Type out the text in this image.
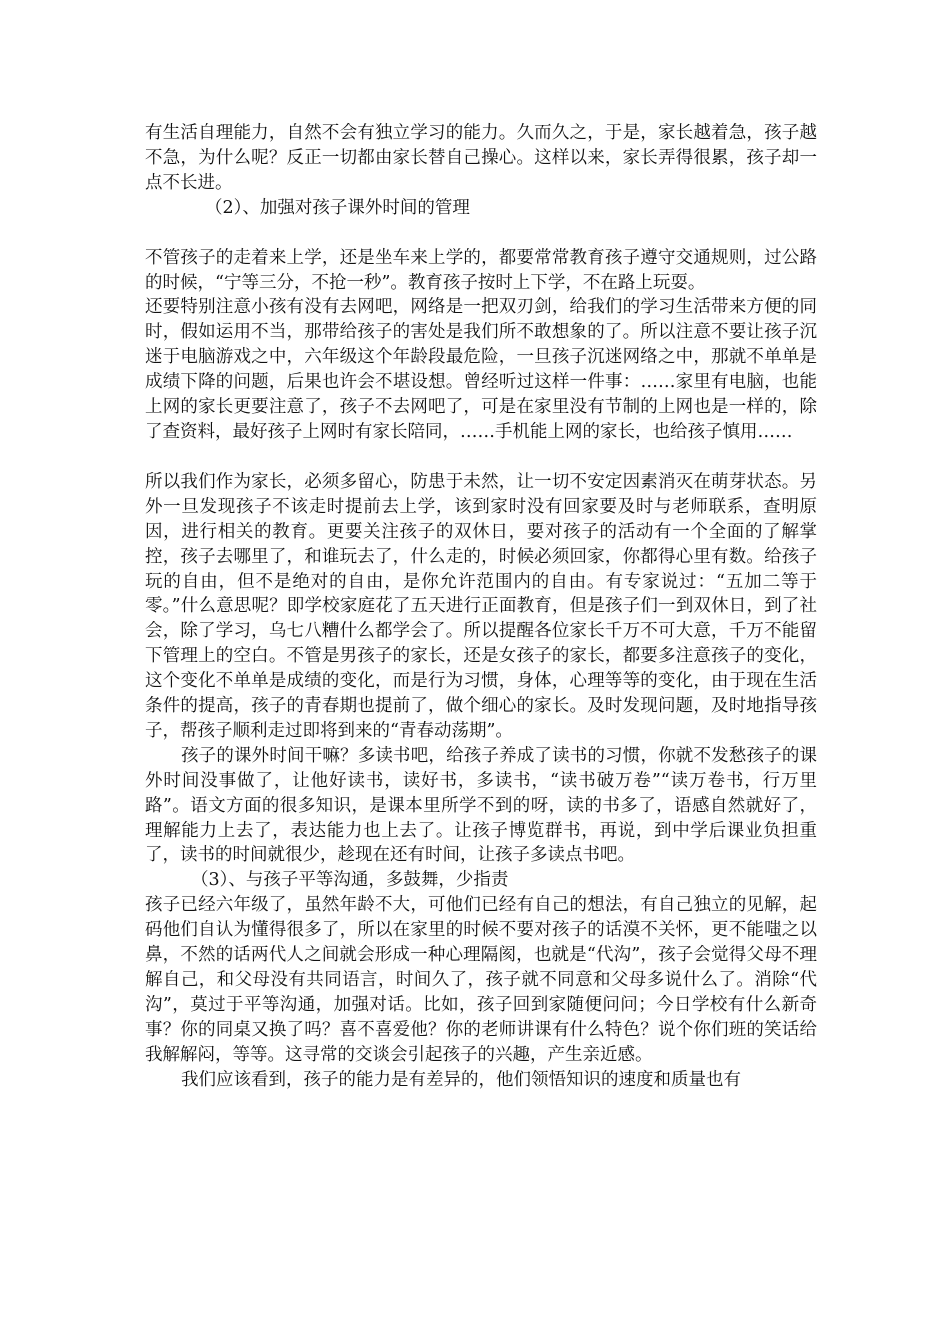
有生活自理能力，自然不会有独立学习的能力。久而久之，于是，家长越着急，孩子越不急，为什么呢？反正一切都由家长替自己操心。这样以来，家长弄得很累，孩子却一点不长进。

（2）、加强对孩子课外时间的管理

不管孩子的走着来上学，还是坐车来上学的，都要常常教育孩子遵守交通规则，过公路的时候，“宁等三分，不抢一秒”。教育孩子按时上下学，不在路上玩耍。

还要特别注意小孩有没有去网吧，网络是一把双刃剑，给我们的学习生活带来方便的同时，假如运用不当，那带给孩子的害处是我们所不敢想象的了。所以注意不要让孩子沉迷于电脑游戏之中，六年级这个年龄段最危险，一旦孩子沉迷网络之中，那就不单单是成绩下降的问题，后果也许会不堪设想。曾经听过这样一件事：……家里有电脑，也能上网的家长更要注意了，孩子不去网吧了，可是在家里没有节制的上网也是一样的，除了查资料，最好孩子上网时有家长陪同，……手机能上网的家长，也给孩子慎用……

所以我们作为家长，必须多留心，防患于未然，让一切不安定因素消灭在萌芽状态。另外一旦发现孩子不该走时提前去上学，该到家时没有回家要及时与老师联系，查明原因，进行相关的教育。更要关注孩子的双休日，要对孩子的活动有一个全面的了解掌控，孩子去哪里了，和谁玩去了，什么走的，时候必须回家，你都得心里有数。给孩子玩的自由，但不是绝对的自由，是你允许范围内的自由。有专家说过：“五加二等于零。”什么意思呢？即学校家庭花了五天进行正面教育，但是孩子们一到双休日，到了社会，除了学习，乌七八糟什么都学会了。所以提醒各位家长千万不可大意，千万不能留下管理上的空白。不管是男孩子的家长，还是女孩子的家长，都要多注意孩子的变化，这个变化不单单是成绩的变化，而是行为习惯，身体，心理等等的变化，由于现在生活条件的提高，孩子的青春期也提前了，做个细心的家长。及时发现问题，及时地指导孩子，帮孩子顺利走过即将到来的“青春动荡期”。

孩子的课外时间干嘛？多读书吧，给孩子养成了读书的习惯，你就不发愁孩子的课外时间没事做了，让他好读书，读好书，多读书，“读书破万卷”“读万卷书，行万里路”。语文方面的很多知识，是课本里所学不到的呀，读的书多了，语感自然就好了，理解能力上去了，表达能力也上去了。让孩子博览群书，再说，到中学后课业负担重了，读书的时间就很少，趁现在还有时间，让孩子多读点书吧。

（3）、与孩子平等沟通，多鼓舞，少指责

孩子已经六年级了，虽然年龄不大，可他们已经有自己的想法，有自己独立的见解，起码他们自认为懂得很多了，所以在家里的时候不要对孩子的话漠不关怀，更不能嗤之以鼻，不然的话两代人之间就会形成一种心理隔阂，也就是“代沟”，孩子会觉得父母不理解自己，和父母没有共同语言，时间久了，孩子就不同意和父母多说什么了。消除“代沟”，莫过于平等沟通，加强对话。比如，孩子回到家随便问问；今日学校有什么新奇事？你的同桌又换了吗？喜不喜爱他？你的老师讲课有什么特色？说个你们班的笑话给我解解闷，等等。这寻常的交谈会引起孩子的兴趣，产生亲近感。

我们应该看到，孩子的能力是有差异的，他们领悟知识的速度和质量也有
